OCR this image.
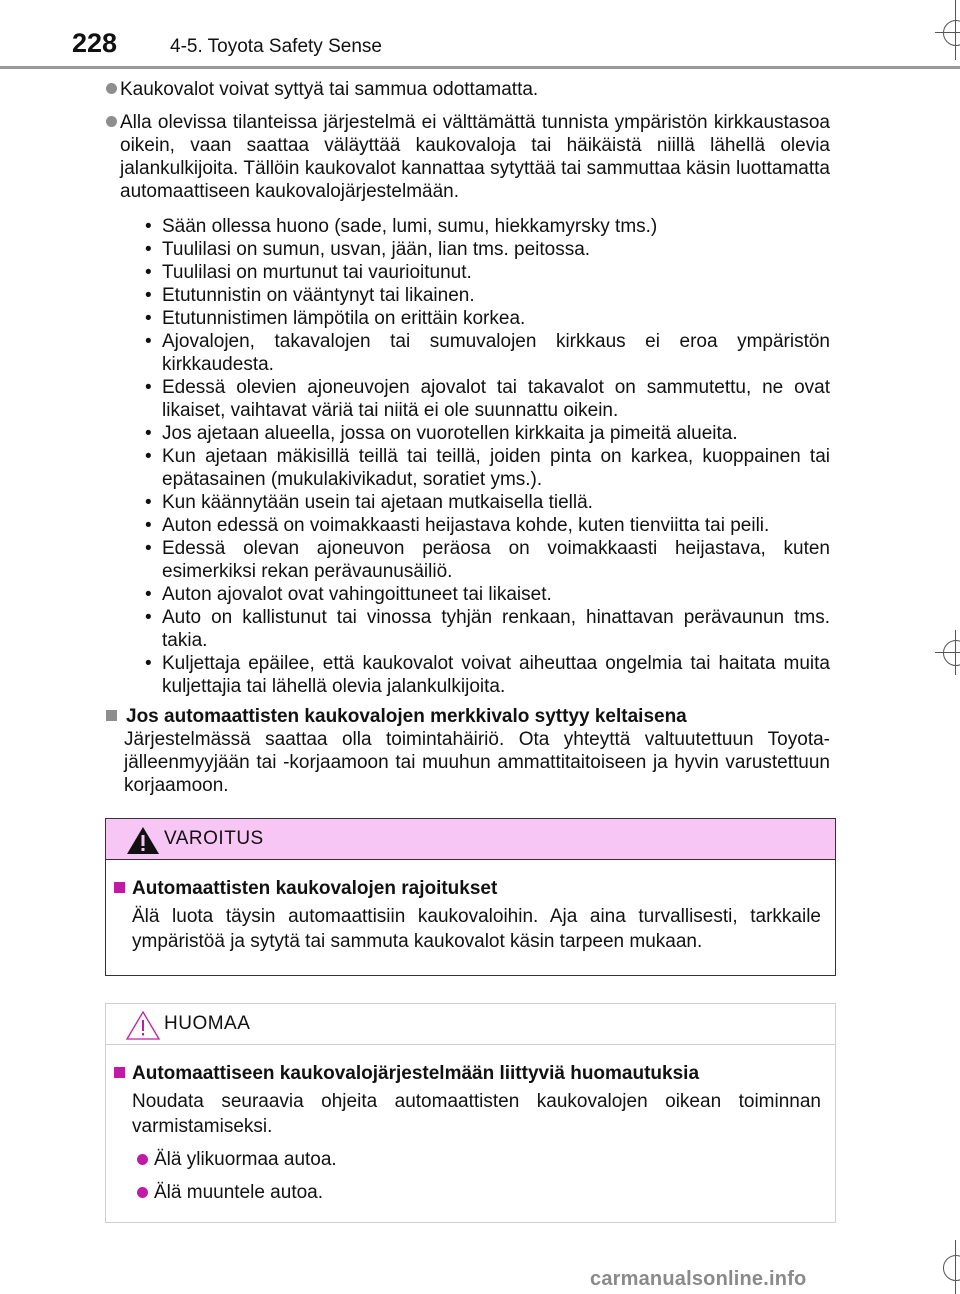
228	4-5. Toyota Safety Sense
Kaukovalot voivat syttyä tai sammua odottamatta.
Alla olevissa tilanteissa järjestelmä ei välttämättä tunnista ympäristön kirkkaustasoa oikein, vaan saattaa väläyttää kaukovaloja tai häikäistä niillä lähellä olevia jalankulkijoita. Tällöin kaukovalot kannattaa sytyttää tai sammuttaa käsin luottamatta automaattiseen kaukovalojärjestelmään.
• Sään ollessa huono (sade, lumi, sumu, hiekkamyrsky tms.)
• Tuulilasi on sumun, usvan, jään, lian tms. peitossa.
• Tuulilasi on murtunut tai vaurioitunut.
• Etutunnistin on vääntynyt tai likainen.
• Etutunnistimen lämpötila on erittäin korkea.
• Ajovalojen, takavalojen tai sumuvalojen kirkkaus ei eroa ympäristön kirkkaudesta.
• Edessä olevien ajoneuvojen ajovalot tai takavalot on sammutettu, ne ovat likaiset, vaihtavat väriä tai niitä ei ole suunnattu oikein.
• Jos ajetaan alueella, jossa on vuorotellen kirkkaita ja pimeitä alueita.
• Kun ajetaan mäkisillä teillä tai teillä, joiden pinta on karkea, kuoppainen tai epätasainen (mukulakivikadut, soratiet yms.).
• Kun käännytään usein tai ajetaan mutkaisella tiellä.
• Auton edessä on voimakkaasti heijastava kohde, kuten tienviitta tai peili.
• Edessä olevan ajoneuvon peräosa on voimakkaasti heijastava, kuten esimerkiksi rekan perävaunusäiliö.
• Auton ajovalot ovat vahingoittuneet tai likaiset.
• Auto on kallistunut tai vinossa tyhjän renkaan, hinattavan perävaunun tms. takia.
• Kuljettaja epäilee, että kaukovalot voivat aiheuttaa ongelmia tai haitata muita kuljettajia tai lähellä olevia jalankulkijoita.
Jos automaattisten kaukovalojen merkkivalo syttyy keltaisena
Järjestelmässä saattaa olla toimintahäiriö. Ota yhteyttä valtuutettuun Toyota-jälleenmyyjään tai -korjaamoon tai muuhun ammattitaitoiseen ja hyvin varustettuun korjaamoon.
VAROITUS
Automaattisten kaukovalojen rajoitukset
Älä luota täysin automaattisiin kaukovaloihin. Aja aina turvallisesti, tarkkaile ympäristöä ja sytytä tai sammuta kaukovalot käsin tarpeen mukaan.
HUOMAA
Automaattiseen kaukovalojärjestelmään liittyviä huomautuksia
Noudata seuraavia ohjeita automaattisten kaukovalojen oikean toiminnan varmistamiseksi.
Älä ylikuormaa autoa.
Älä muuntele autoa.
carmanualsonline.info
